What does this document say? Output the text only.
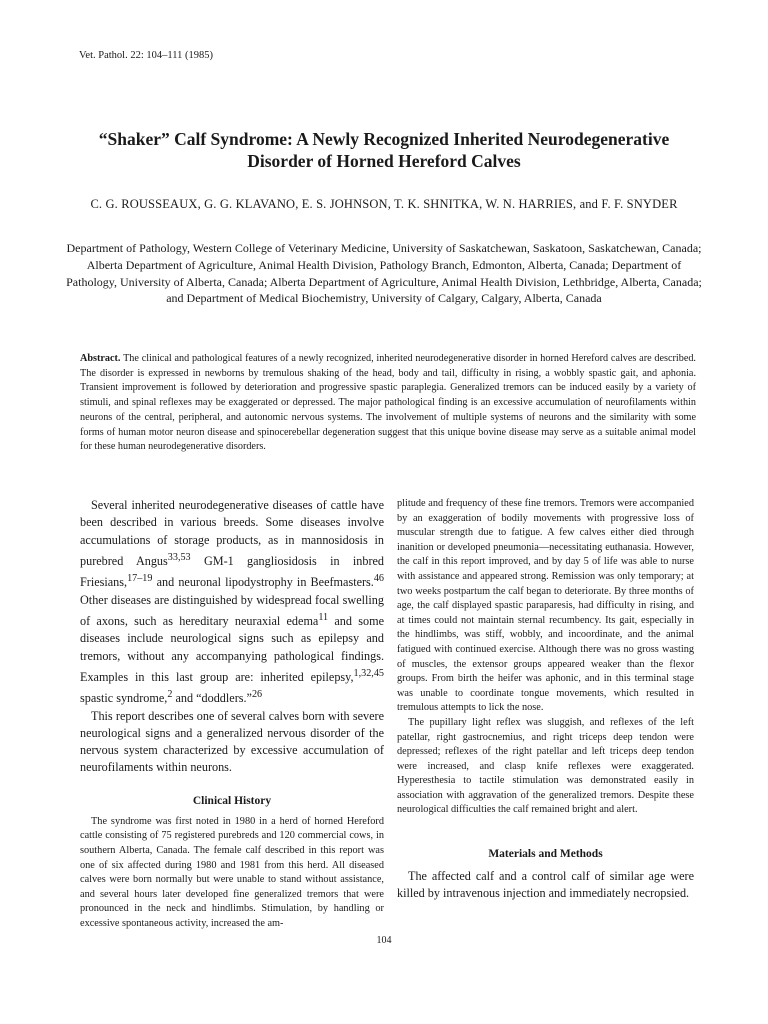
Vet. Pathol. 22: 104–111 (1985)
“Shaker” Calf Syndrome: A Newly Recognized Inherited Neurodegenerative
Disorder of Horned Hereford Calves
C. G. ROUSSEAUX, G. G. KLAVANO, E. S. JOHNSON, T. K. SHNITKA, W. N. HARRIES, and F. F. SNYDER
Department of Pathology, Western College of Veterinary Medicine, University of Saskatchewan, Saskatoon, Saskatchewan, Canada; Alberta Department of Agriculture, Animal Health Division, Pathology Branch, Edmonton, Alberta, Canada; Department of Pathology, University of Alberta, Canada; Alberta Department of Agriculture, Animal Health Division, Lethbridge, Alberta, Canada; and Department of Medical Biochemistry, University of Calgary, Calgary, Alberta, Canada
Abstract. The clinical and pathological features of a newly recognized, inherited neurodegenerative disorder in horned Hereford calves are described. The disorder is expressed in newborns by tremulous shaking of the head, body and tail, difficulty in rising, a wobbly spastic gait, and aphonia. Transient improvement is followed by deterioration and progressive spastic paraplegia. Generalized tremors can be induced easily by a variety of stimuli, and spinal reflexes may be exaggerated or depressed. The major pathological finding is an excessive accumulation of neurofilaments within neurons of the central, peripheral, and autonomic nervous systems. The involvement of multiple systems of neurons and the similarity with some forms of human motor neuron disease and spinocerebellar degeneration suggest that this unique bovine disease may serve as a suitable animal model for these human neurodegenerative disorders.

Several inherited neurodegenerative diseases of cattle have been described in various breeds. Some diseases involve accumulations of storage products, as in mannosidosis in purebred Angus$^{33,53}$ GM-1 gangliosidosis in inbred Friesians,$^{17-19}$ and neuronal lipodystrophy in Beefmasters.$^{46}$ Other diseases are distinguished by widespread focal swelling of axons, such as hereditary neuraxial edema$^{11}$ and some diseases include neurological signs such as epilepsy and tremors, without any accompanying pathological findings. Examples in this last group are: inherited epilepsy,$^{1,32,45}$ spastic syndrome,$^2$ and “doddlers.”$^{26}$

This report describes one of several calves born with severe neurological signs and a generalized nervous disorder of the nervous system characterized by excessive accumulation of neurofilaments within neurons.

Clinical History

The syndrome was first noted in 1980 in a herd of horned Hereford cattle consisting of 75 registered purebreds and 120 commercial cows, in southern Alberta, Canada. The female calf described in this report was one of six affected during 1980 and 1981 from this herd. All diseased calves were born normally but were unable to stand without assistance, and several hours later developed fine generalized tremors that were pronounced in the neck and hindlimbs. Stimulation, by handling or excessive spontaneous activity, increased the am-

plitude and frequency of these fine tremors. Tremors were accompanied by an exaggeration of bodily movements with progressive loss of muscular strength due to fatigue. A few calves either died through inanition or developed pneumonia—necessitating euthanasia. However, the calf in this report improved, and by day 5 of life was able to nurse with assistance and appeared strong. Remission was only temporary; at two weeks postpartum the calf began to deteriorate. By three months of age, the calf displayed spastic paraparesis, had difficulty in rising, and at times could not maintain sternal recumbency. Its gait, especially in the hindlimbs, was stiff, wobbly, and incoordinate, and the animal fatigued with continued exercise. Although there was no gross wasting of muscles, the extensor groups appeared weaker than the flexor groups. From birth the heifer was aphonic, and in this terminal stage was unable to coordinate tongue movements, which resulted in tremulous attempts to lick the nose.

The pupillary light reflex was sluggish, and reflexes of the left patellar, right gastrocnemius, and right triceps deep tendon were depressed; reflexes of the right patellar and left triceps deep tendon were increased, and clasp knife reflexes were exaggerated. Hyperesthesia to tactile stimulation was demonstrated easily in association with aggravation of the generalized tremors. Despite these neurological difficulties the calf remained bright and alert.

Materials and Methods

The affected calf and a control calf of similar age were killed by intravenous injection and immediately necropsied.

104
